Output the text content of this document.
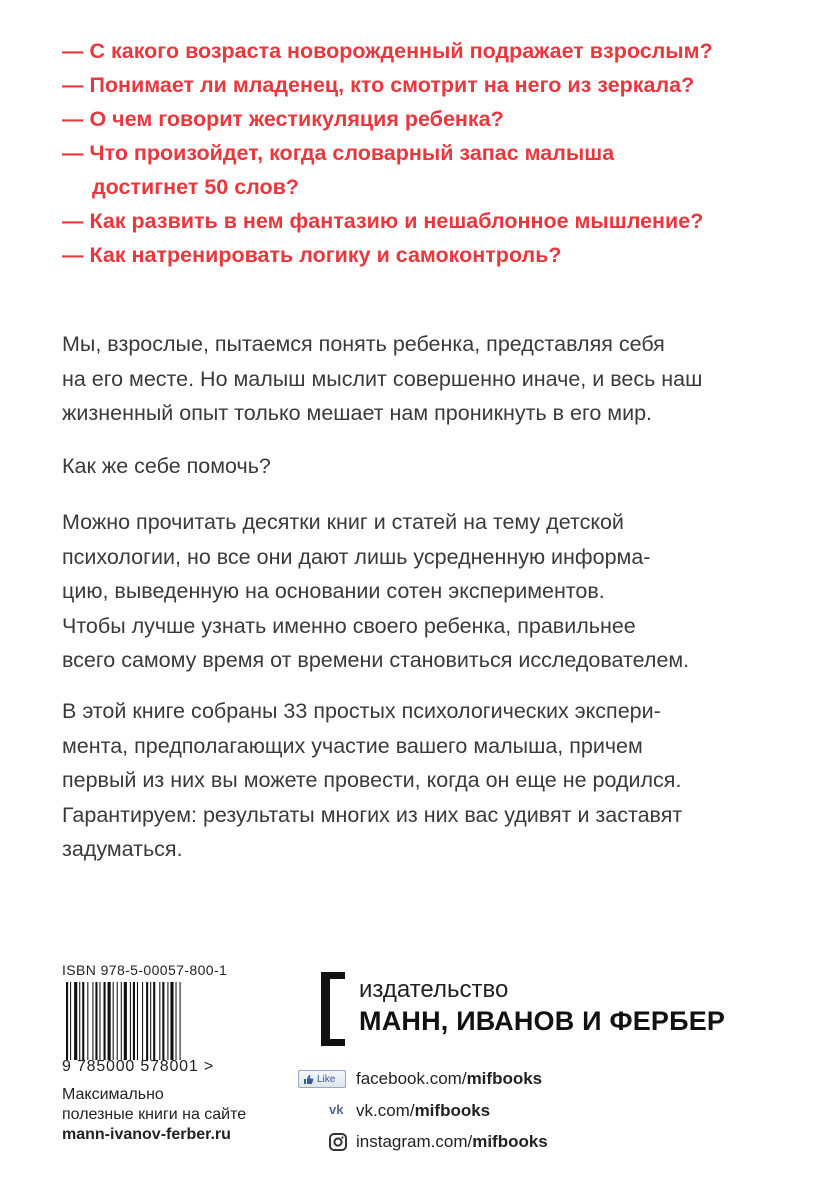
— С какого возраста новорожденный подражает взрослым?
— Понимает ли младенец, кто смотрит на него из зеркала?
— О чем говорит жестикуляция ребенка?
— Что произойдет, когда словарный запас малыша
достигнет 50 слов?
— Как развить в нем фантазию и нешаблонное мышление?
— Как натренировать логику и самоконтроль?
Мы, взрослые, пытаемся понять ребенка, представляя себя
на его месте. Но малыш мыслит совершенно иначе, и весь наш
жизненный опыт только мешает нам проникнуть в его мир.
Как же себе помочь?
Можно прочитать десятки книг и статей на тему детской
психологии, но все они дают лишь усредненную информа-
цию, выведенную на основании сотен экспериментов.
Чтобы лучше узнать именно своего ребенка, правильнее
всего самому время от времени становиться исследователем.
В этой книге собраны 33 простых психологических экспери-
мента, предполагающих участие вашего малыша, причем
первый из них вы можете провести, когда он еще не родился.
Гарантируем: результаты многих из них вас удивят и заставят
задуматься.
ISBN 978-5-00057-800-1
9 785000 578001 >
Максимально
полезные книги на сайте
mann-ivanov-ferber.ru
издательство
МАНН, ИВАНОВ И ФЕРБЕР
Like	facebook.com/mifbooks
vk vk.com/mifbooks
instagram.com/mifbooks
